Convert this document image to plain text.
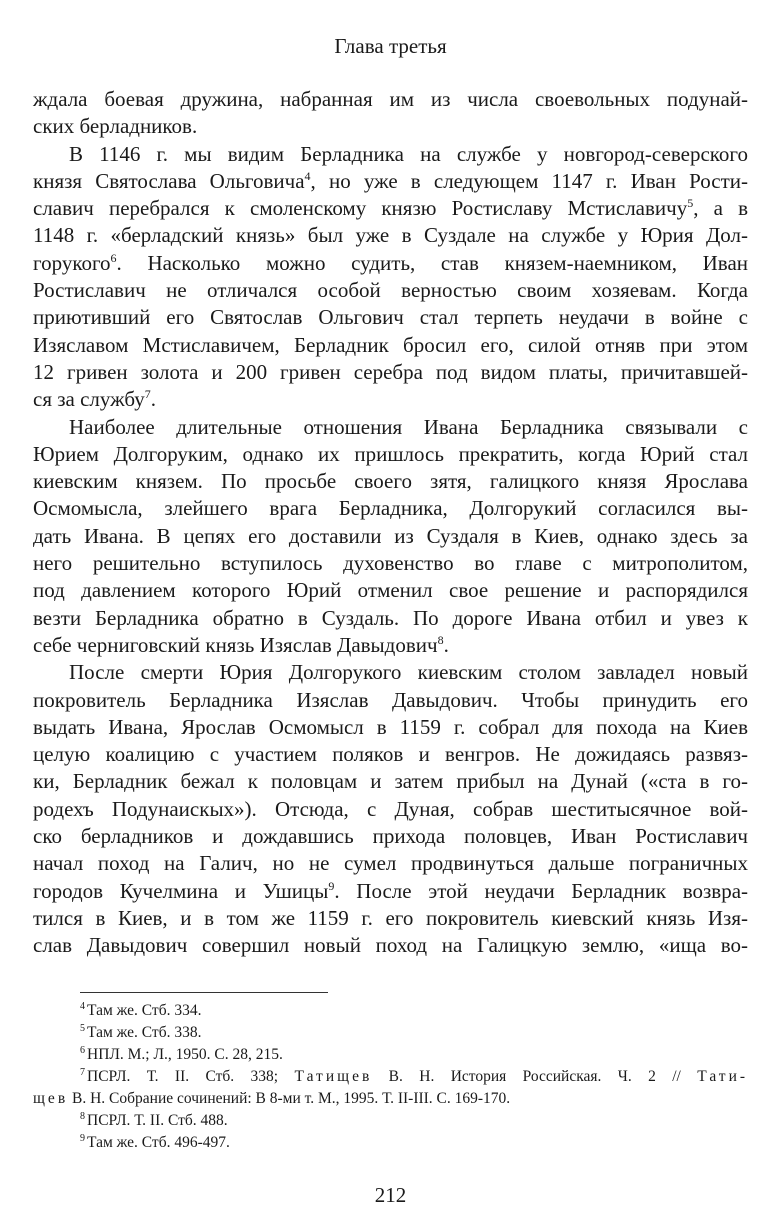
Глава третья
ждала боевая дружина, набранная им из числа своевольных подунай-
ских берладников.
В 1146 г. мы видим Берладника на службе у новгород-северского
князя Святослава Ольговича$^4$, но уже в следующем 1147 г. Иван Рости-
славич перебрался к смоленскому князю Ростиславу Мстиславичу$^5$, а в
1148 г. «берладский князь» был уже в Суздале на службе у Юрия Дол-
горукого$^6$. Насколько можно судить, став князем-наемником, Иван
Ростиславич не отличался особой верностью своим хозяевам. Когда
приютивший его Святослав Ольгович стал терпеть неудачи в войне с
Изяславом Мстиславичем, Берладник бросил его, силой отняв при этом
12 гривен золота и 200 гривен серебра под видом платы, причитавшей-
ся за службу$^7$.
Наиболее длительные отношения Ивана Берладника связывали с
Юрием Долгоруким, однако их пришлось прекратить, когда Юрий стал
киевским князем. По просьбе своего зятя, галицкого князя Ярослава
Осмомысла, злейшего врага Берладника, Долгорукий согласился вы-
дать Ивана. В цепях его доставили из Суздаля в Киев, однако здесь за
него решительно вступилось духовенство во главе с митрополитом,
под давлением которого Юрий отменил свое решение и распорядился
везти Берладника обратно в Суздаль. По дороге Ивана отбил и увез к
себе черниговский князь Изяслав Давыдович$^8$.
После смерти Юрия Долгорукого киевским столом завладел новый
покровитель Берладника Изяслав Давыдович. Чтобы принудить его
выдать Ивана, Ярослав Осмомысл в 1159 г. собрал для похода на Киев
целую коалицию с участием поляков и венгров. Не дожидаясь развяз-
ки, Берладник бежал к половцам и затем прибыл на Дунай («ста в го-
родехъ Подунаискых»). Отсюда, с Дуная, собрав шеститысячное вой-
ско берладников и дождавшись прихода половцев, Иван Ростиславич
начал поход на Галич, но не сумел продвинуться дальше пограничных
городов Кучелмина и Ушицы$^9$. После этой неудачи Берладник возвра-
тился в Киев, и в том же 1159 г. его покровитель киевский князь Изя-
слав Давыдович совершил новый поход на Галицкую землю, «ища во-
$^4$ Там же. Стб. 334.
$^5$ Там же. Стб. 338.
$^6$ НПЛ. М.; Л., 1950. С. 28, 215.
$^7$ ПСРЛ. Т. II. Стб. 338; Татищев В. Н. История Российская. Ч. 2 // Тати-
щев В. Н. Собрание сочинений: В 8-ми т. М., 1995. Т. II-III. С. 169-170.
$^8$ ПСРЛ. Т. II. Стб. 488.
$^9$ Там же. Стб. 496-497.
212
